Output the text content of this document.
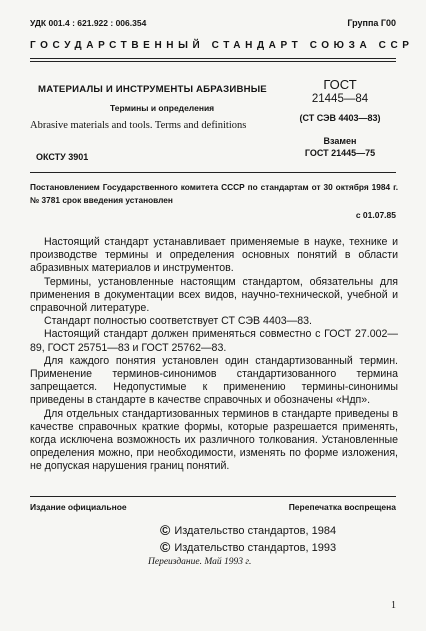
УДК 001.4 : 621.922 : 006.354	Группа Г00
ГОСУДАРСТВЕННЫЙ СТАНДАРТ СОЮЗА ССР
МАТЕРИАЛЫ И ИНСТРУМЕНТЫ АБРАЗИВНЫЕ
Термины и определения
Abrasive materials and tools. Terms and definitions
ОКСТУ 3901
ГОСТ
21445—84
(СТ СЭВ 4403—83)
Взамен
ГОСТ 21445—75
Постановлением Государственного комитета СССР по стандартам от 30 октября 1984 г. № 3781 срок введения установлен
с 01.07.85

Настоящий стандарт устанавливает применяемые в науке, технике и производстве термины и определения основных понятий в области абразивных материалов и инструментов.

Термины, установленные настоящим стандартом, обязательны для применения в документации всех видов, научно-технической, учебной и справочной литературе.

Стандарт полностью соответствует СТ СЭВ 4403—83.

Настоящий стандарт должен применяться совместно с ГОСТ 27.002—89, ГОСТ 25751—83 и ГОСТ 25762—83.

Для каждого понятия установлен один стандартизованный термин. Применение терминов-синонимов стандартизованного термина запрещается. Недопустимые к применению термины-синонимы приведены в стандарте в качестве справочных и обозначены «Ндп».

Для отдельных стандартизованных терминов в стандарте приведены в качестве справочных краткие формы, которые разрешается применять, когда исключена возможность их различного толкования. Установленные определения можно, при необходимости, изменять по форме изложения, не допуская нарушения границ понятий.

Издание официальное	Перепечатка воспрещена
© Издательство стандартов, 1984
© Издательство стандартов, 1993
Переиздание. Май 1993 г.
1
